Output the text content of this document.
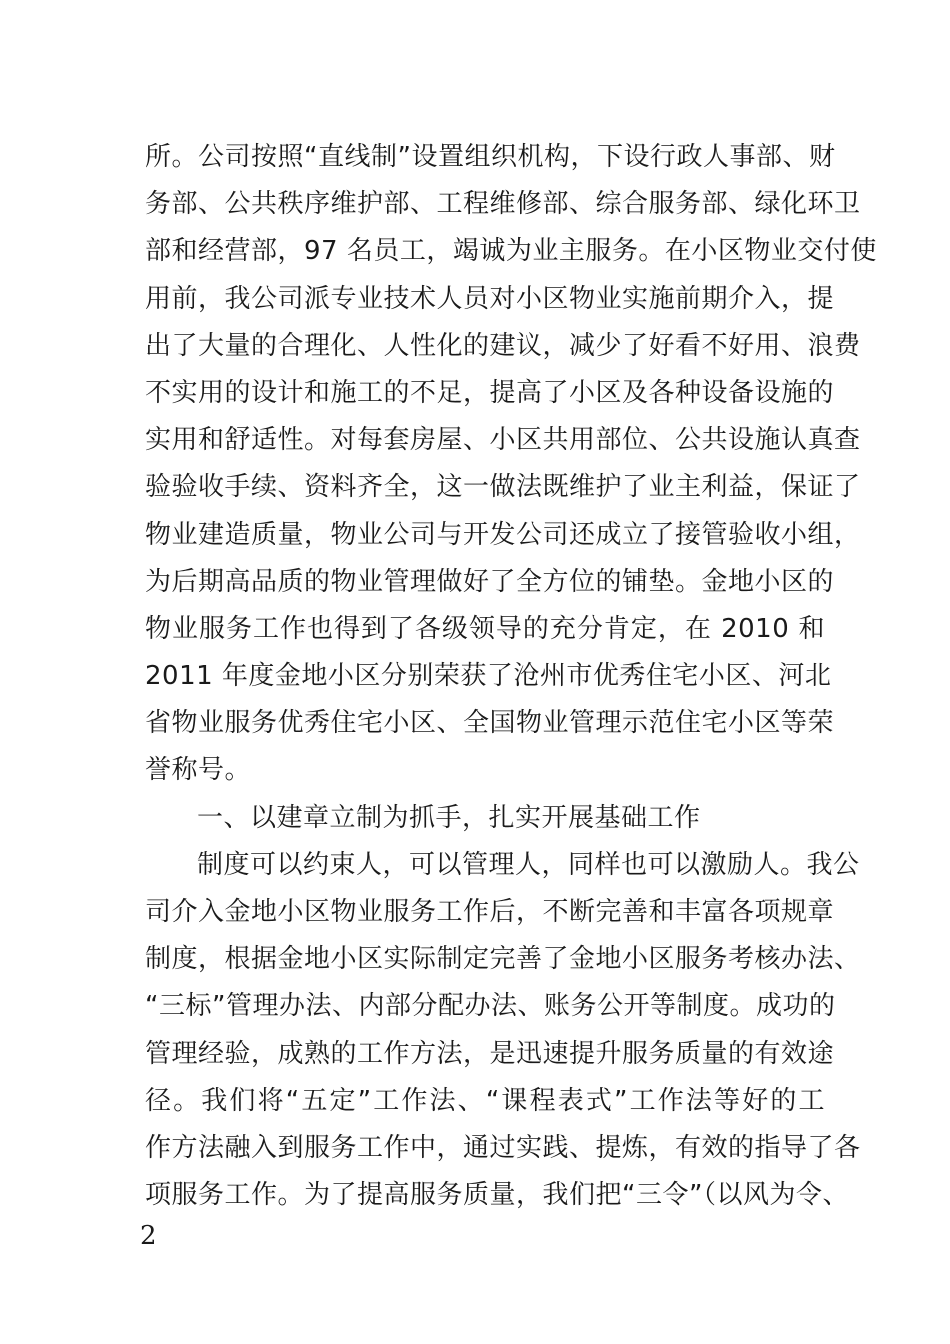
所。公司按照“直线制”设置组织机构，下设行政人事部、财
务部、公共秩序维护部、工程维修部、综合服务部、绿化环卫
部和经营部，97 名员工，竭诚为业主服务。在小区物业交付使
用前，我公司派专业技术人员对小区物业实施前期介入，提
出了大量的合理化、人性化的建议，减少了好看不好用、浪费
不实用的设计和施工的不足，提高了小区及各种设备设施的
实用和舒适性。对每套房屋、小区共用部位、公共设施认真查
验验收手续、资料齐全，这一做法既维护了业主利益，保证了
物业建造质量，物业公司与开发公司还成立了接管验收小组，
为后期高品质的物业管理做好了全方位的铺垫。金地小区的
物业服务工作也得到了各级领导的充分肯定，在 2010 和
2011 年度金地小区分别荣获了沧州市优秀住宅小区、河北
省物业服务优秀住宅小区、全国物业管理示范住宅小区等荣
誉称号。
一、以建章立制为抓手，扎实开展基础工作
制度可以约束人，可以管理人，同样也可以激励人。我公
司介入金地小区物业服务工作后，不断完善和丰富各项规章
制度，根据金地小区实际制定完善了金地小区服务考核办法、
“三标”管理办法、内部分配办法、账务公开等制度。成功的
管理经验，成熟的工作方法，是迅速提升服务质量的有效途
径。我们将“五定”工作法、“课程表式”工作法等好的工
作方法融入到服务工作中，通过实践、提炼，有效的指导了各
项服务工作。为了提高服务质量，我们把“三令”（以风为令、
2
